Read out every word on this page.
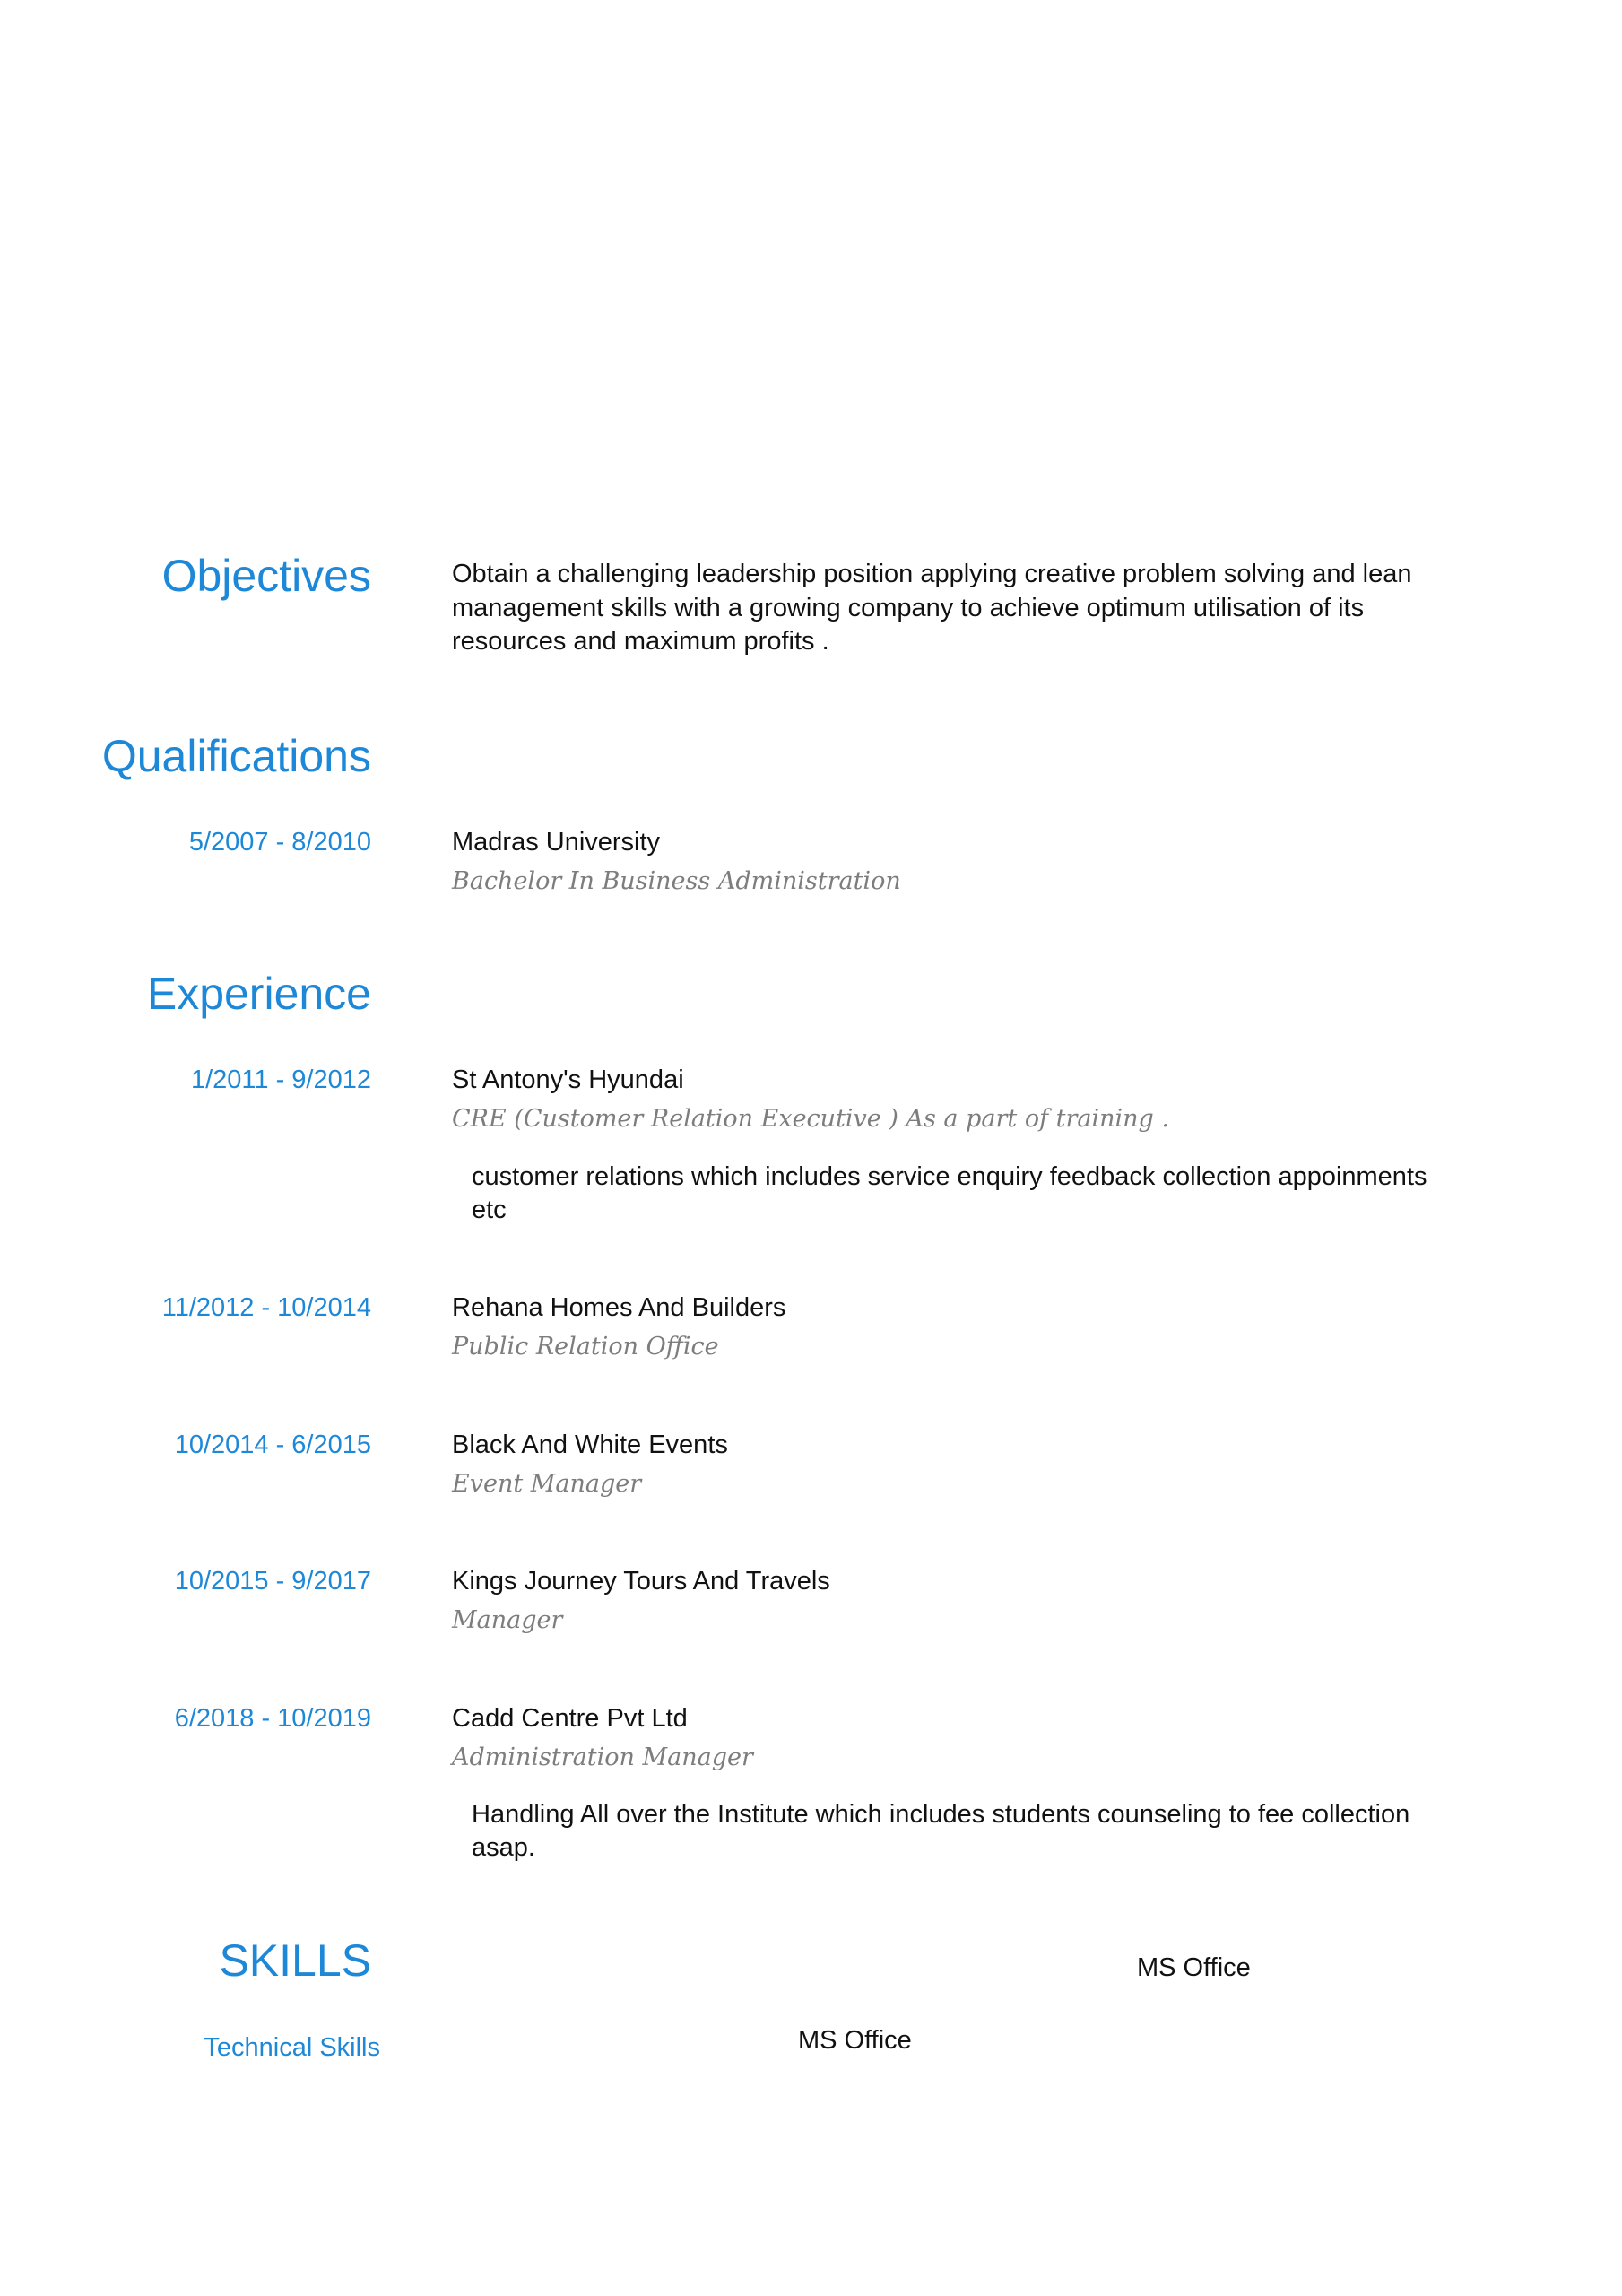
Objectives	Obtain a challenging leadership position applying creative problem solving and lean management skills with a growing company to achieve optimum utilisation of its resources and maximum profits .
Qualifications
5/2007 - 8/2010	Madras University
Bachelor In Business Administration
Experience
1/2011 - 9/2012	St Antony's Hyundai
CRE (Customer Relation Executive ) As a part of training .
customer relations which includes service enquiry feedback collection appoinments etc
11/2012 - 10/2014	Rehana Homes And Builders
Public Relation Office
10/2014 - 6/2015	Black And White Events
Event Manager
10/2015 - 9/2017	Kings Journey Tours And Travels
Manager
6/2018 - 10/2019	Cadd Centre Pvt Ltd
Administration Manager
Handling All over the Institute which includes students counseling to fee collection asap.
SKILLS
Technical Skills
MS Office
MS Office
